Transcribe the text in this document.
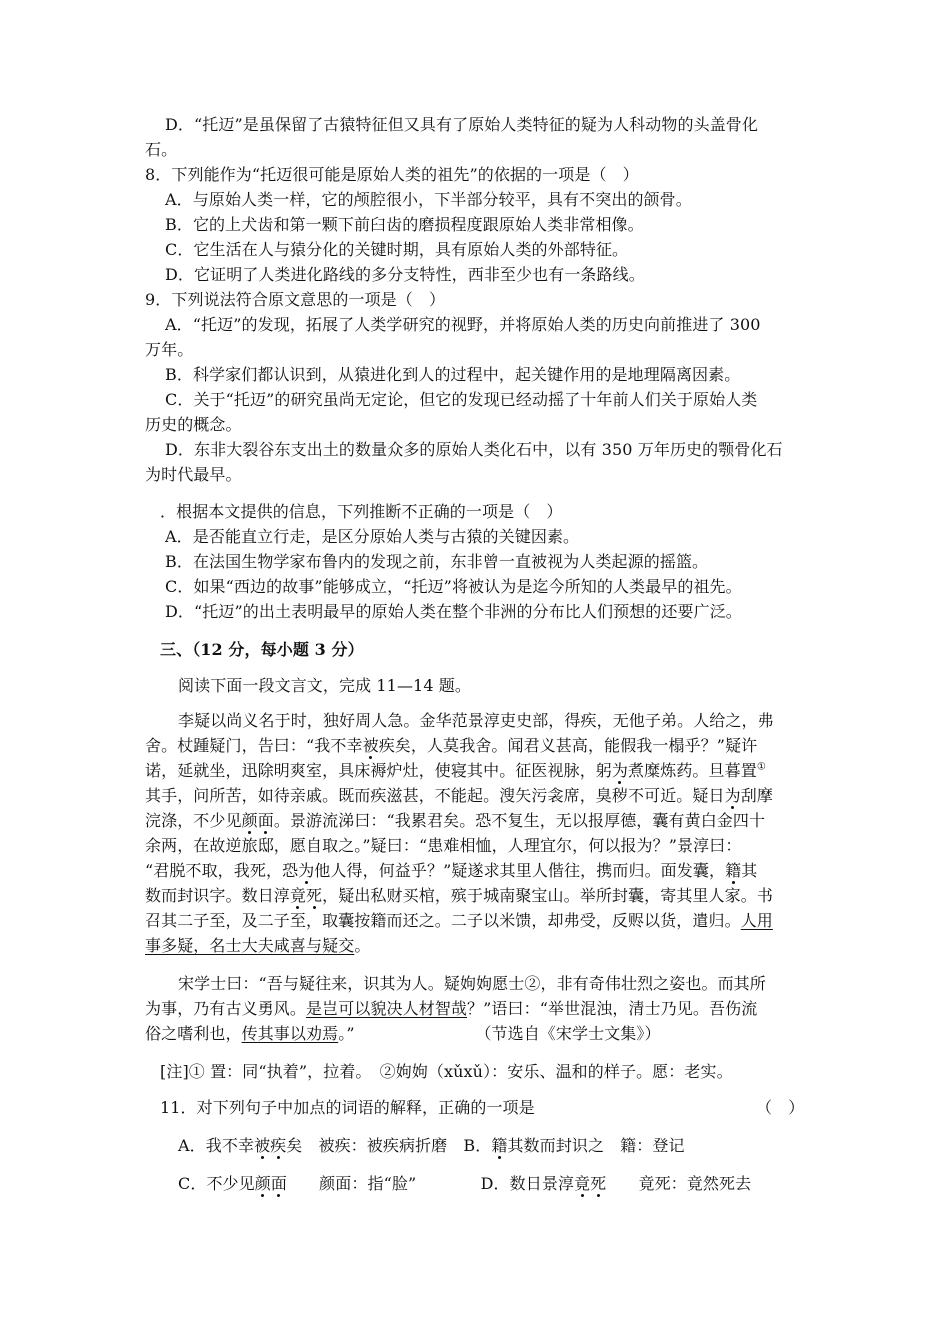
D．“托迈”是虽保留了古猿特征但又具有了原始人类特征的疑为人科动物的头盖骨化
石。
8．下列能作为“托迈很可能是原始人类的祖先”的依据的一项是（　）
A．与原始人类一样，它的颅腔很小，下半部分较平，具有不突出的颌骨。
B．它的上犬齿和第一颗下前臼齿的磨损程度跟原始人类非常相像。
C．它生活在人与猿分化的关键时期，具有原始人类的外部特征。
D．它证明了人类进化路线的多分支特性，西非至少也有一条路线。
9．下列说法符合原文意思的一项是（　）
A．“托迈”的发现，拓展了人类学研究的视野，并将原始人类的历史向前推进了 300
万年。
B．科学家们都认识到，从猿进化到人的过程中，起关键作用的是地理隔离因素。
C．关于“托迈”的研究虽尚无定论，但它的发现已经动摇了十年前人们关于原始人类
历史的概念。
D．东非大裂谷东支出土的数量众多的原始人类化石中，以有 350 万年历史的颚骨化石
为时代最早。
．根据本文提供的信息，下列推断不正确的一项是（　）
A．是否能直立行走，是区分原始人类与古猿的关键因素。
B．在法国生物学家布鲁内的发现之前，东非曾一直被视为人类起源的摇篮。
C．如果“西边的故事”能够成立，“托迈”将被认为是迄今所知的人类最早的祖先。
D．“托迈”的出土表明最早的原始人类在整个非洲的分布比人们预想的还要广泛。
三、（12 分，每小题 3 分）
阅读下面一段文言文，完成 11—14 题。
李疑以尚义名于时，独好周人急。金华范景淳吏史部，得疾，无他子弟。人给之，弗
舍。杖踵疑门，告曰：“我不幸被疾矣，人莫我舍。闻君义甚高，能假我一榻乎？”疑许
诺，延就坐，迅除明爽室，具床褥炉灶，使寝其中。征医视脉，躬为煮糜炼药。旦暮置①
其手，问所苦，如待亲戚。既而疾滋甚，不能起。溲矢污衾席，臭秽不可近。疑日为刮摩
浣涤，不少见颜面。景游流涕曰：“我累君矣。恐不复生，无以报厚德，囊有黄白金四十
余两，在故逆旅邸，愿自取之。”疑曰：“患难相恤，人理宜尔，何以报为？”景淳曰：
“君脱不取，我死，恐为他人得，何益乎？”疑遂求其里人偕往，携而归。面发囊，籍其
数而封识字。数日淳竟死，疑出私财买棺，殡于城南聚宝山。举所封囊，寄其里人家。书
召其二子至，及二子至，取囊按籍而还之。二子以米馈，却弗受，反赆以货，遣归。人用
事多疑，名士大夫咸喜与疑交。
宋学士曰：“吾与疑往来，识其为人。疑姁姁愿士②，非有奇伟壮烈之姿也。而其所
为事，乃有古义勇风。是岂可以貌决人材智哉？”语曰：“举世混浊，清士乃见。吾伤流
俗之嗜利也，传其事以劝焉。”　　　　　　　　（节选自《宋学士文集》）
[注]① 置：同“执着”，拉着。　②姁姁（xǔxǔ）：安乐、温和的样子。愿：老实。
11．对下列句子中加点的词语的解释，正确的一项是	（　）
A．我不幸被疾矣　被疾：被疾病折磨　B．籍其数而封识之　籍：登记
C．不少见颜面　　颜面：指“脸”　　　　D．数日景淳竟死　　竟死：竟然死去
